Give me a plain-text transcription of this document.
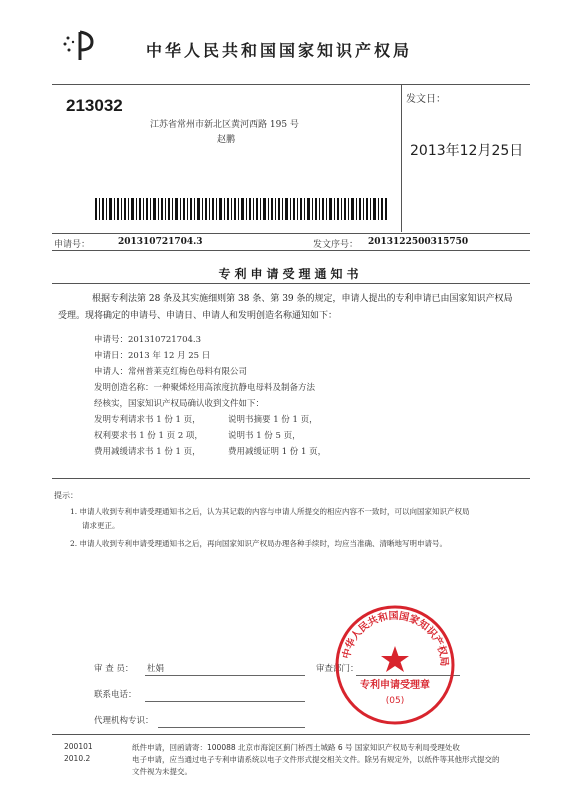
中华人民共和国国家知识产权局
213032
江苏省常州市新北区黄河西路 195 号
赵鹏
发文日：
2013年12月25日
申请号：	201310721704.3	发文序号： 201312250031575​0
专利申请受理通知书
根据专利法第 28 条及其实施细则第 38 条、第 39 条的规定，申请人提出的专利申请已由国家知识产权局
受理。现将确定的申请号、申请日、申请人和发明创造名称通知如下：
申请号：201310721704.3
申请日：2013 年 12 月 25 日
申请人：常州普莱克红梅色母料有限公司
发明创造名称：一种聚烯烃用高浓度抗静电母料及制备方法
经核实，国家知识产权局确认收到文件如下：
发明专利请求书 1 份 1 页，	说明书摘要 1 份 1 页，
权利要求书 1 份 1 页 2 项，	说明书 1 份 5 页，
费用减缓请求书 1 份 1 页，	费用减缓证明 1 份 1 页，
提示：
1. 申请人收到专利申请受理通知书之后，认为其记载的内容与申请人所提交的相应内容不一致时，可以向国家知识产权局
请求更正。
2. 申请人收到专利申请受理通知书之后，再向国家知识产权局办理各种手续时，均应当准确、清晰地写明申请号。
审 查 员： 杜娟
联系电话：
代理机构专识：
审查部门：
中华人民共和国国家知识产权局
专利申请受理章
(05)
200101
2010.2
纸件申请，回函请寄：100088 北京市海淀区蓟门桥西土城路 6 号 国家知识产权局专利局受理处收
电子申请，应当通过电子专利申请系统以电子文件形式提交相关文件。除另有规定外，以纸件等其他形式提交的
文件视为未提交。
